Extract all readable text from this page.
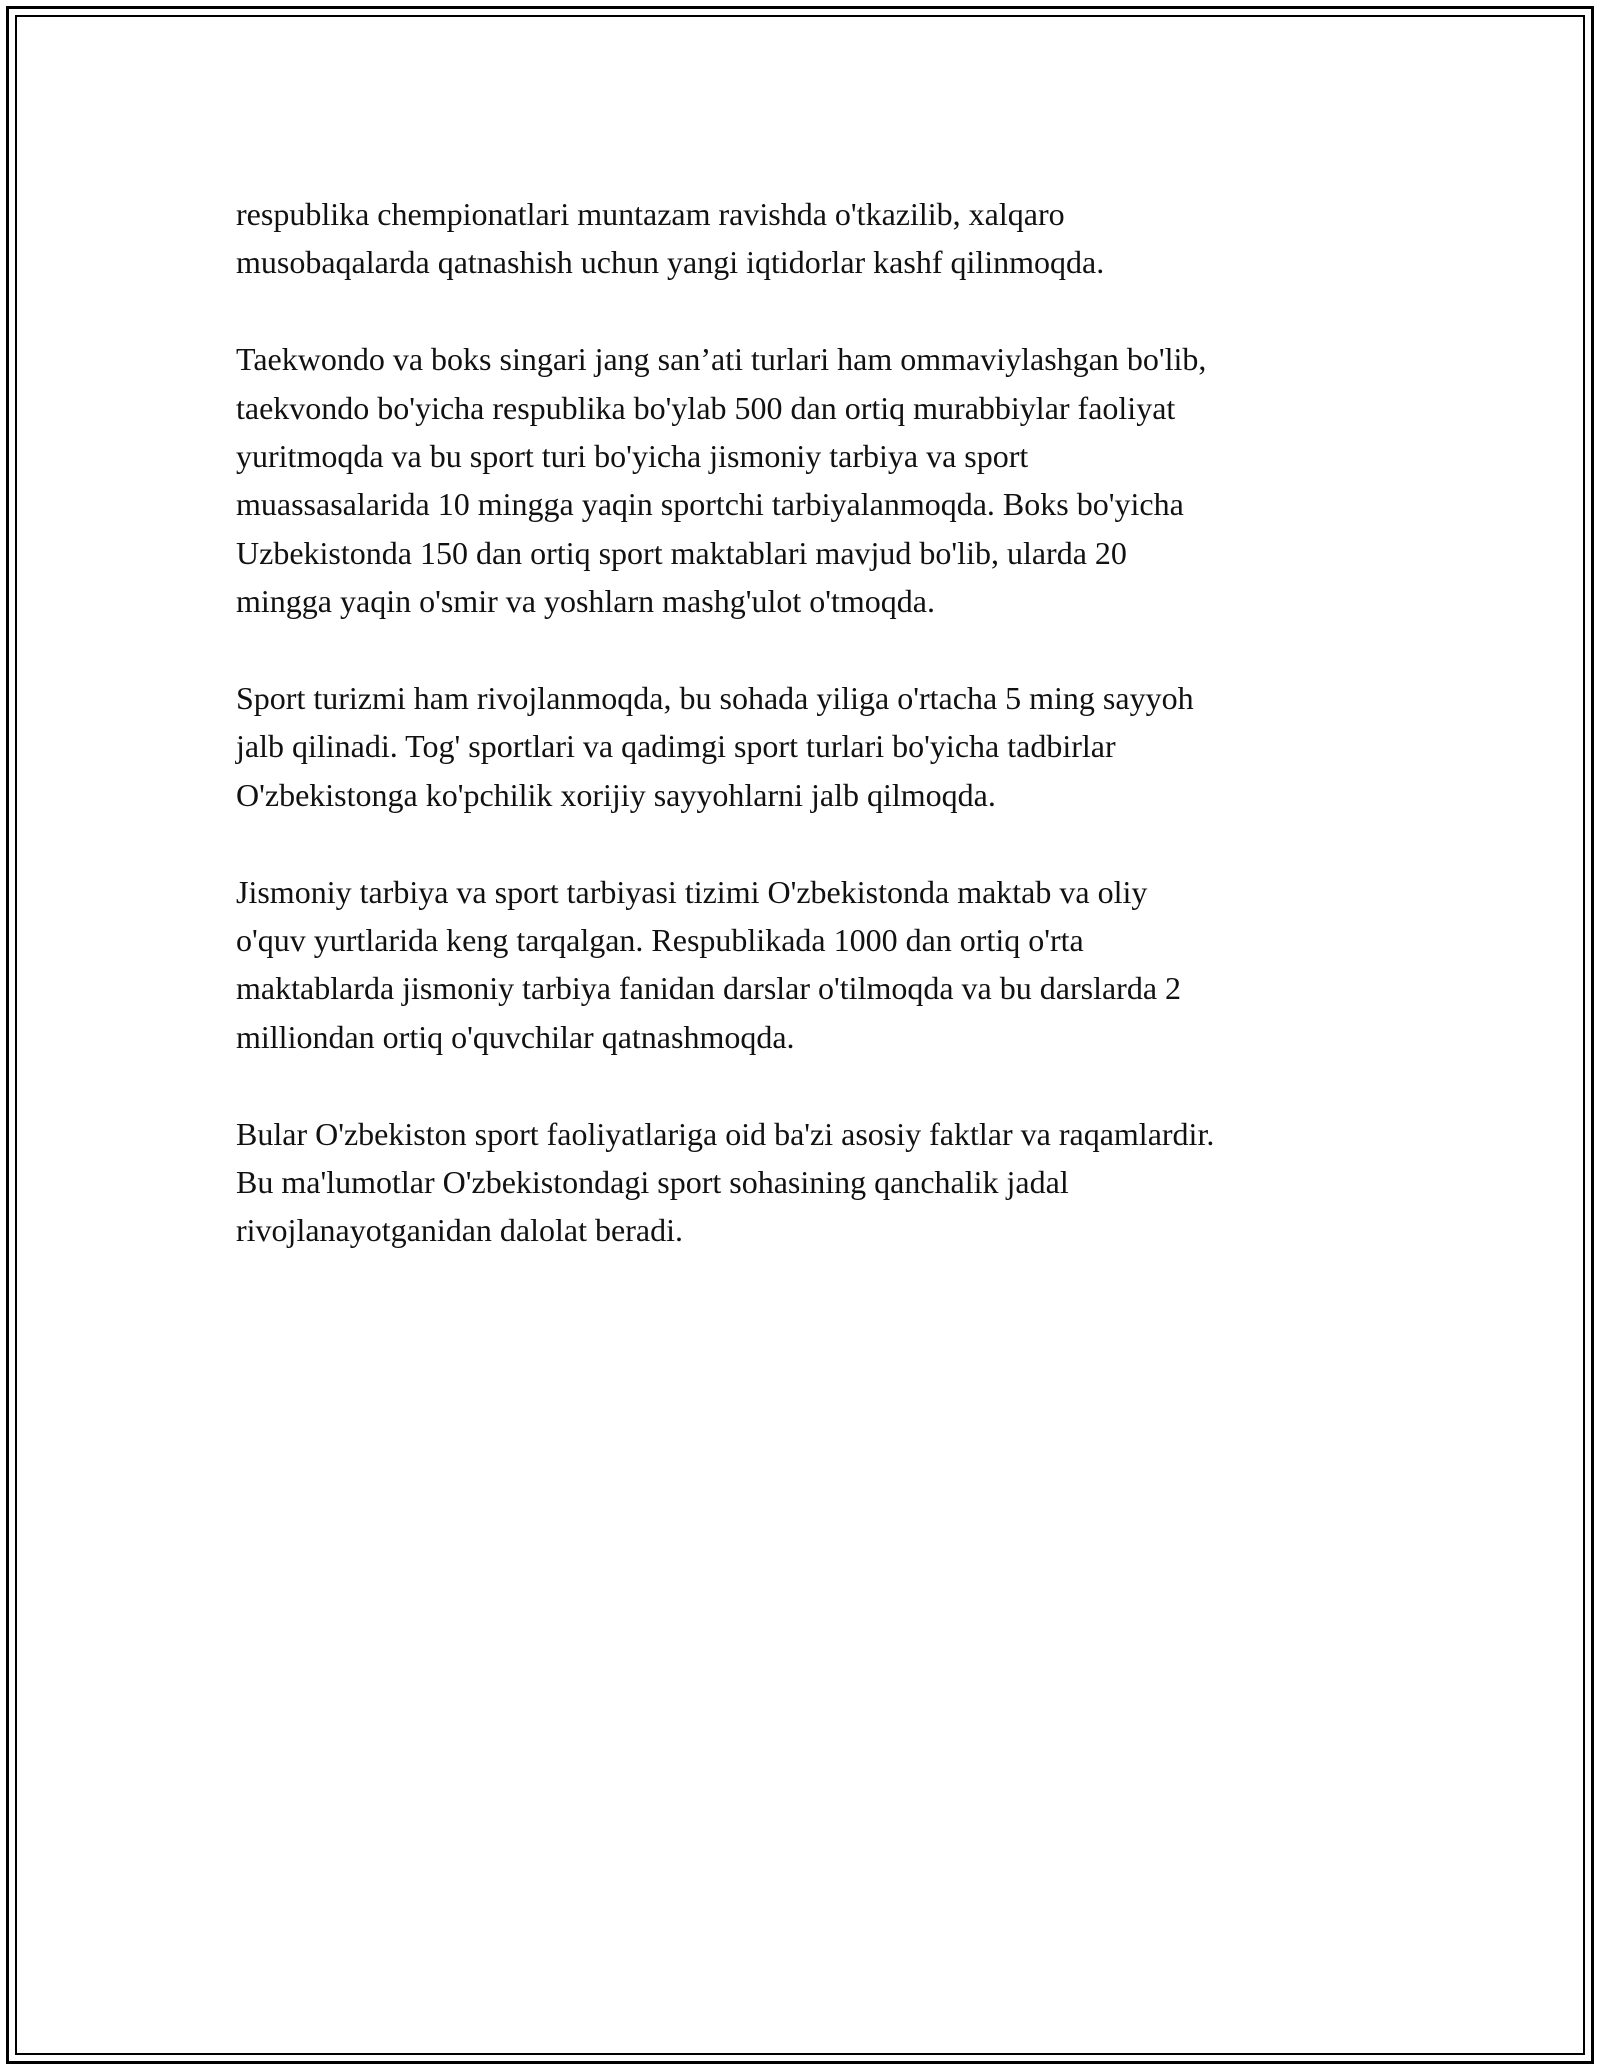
respublika chempionatlari muntazam ravishda o'tkazilib, xalqaro
musobaqalarda qatnashish uchun yangi iqtidorlar kashf qilinmoqda.

Taekwondo va boks singari jang san’ati turlari ham ommaviylashgan bo'lib,
taekvondo bo'yicha respublika bo'ylab 500 dan ortiq murabbiylar faoliyat
yuritmoqda va bu sport turi bo'yicha jismoniy tarbiya va sport
muassasalarida 10 mingga yaqin sportchi tarbiyalanmoqda. Boks bo'yicha
Uzbekistonda 150 dan ortiq sport maktablari mavjud bo'lib, ularda 20
mingga yaqin o'smir va yoshlarn mashg'ulot o'tmoqda.

Sport turizmi ham rivojlanmoqda, bu sohada yiliga o'rtacha 5 ming sayyoh
jalb qilinadi. Tog' sportlari va qadimgi sport turlari bo'yicha tadbirlar
O'zbekistonga ko'pchilik xorijiy sayyohlarni jalb qilmoqda.

Jismoniy tarbiya va sport tarbiyasi tizimi O'zbekistonda maktab va oliy
o'quv yurtlarida keng tarqalgan. Respublikada 1000 dan ortiq o'rta
maktablarda jismoniy tarbiya fanidan darslar o'tilmoqda va bu darslarda 2
milliondan ortiq o'quvchilar qatnashmoqda.

Bular O'zbekiston sport faoliyatlariga oid ba'zi asosiy faktlar va raqamlardir.
Bu ma'lumotlar O'zbekistondagi sport sohasining qanchalik jadal
rivojlanayotganidan dalolat beradi.
